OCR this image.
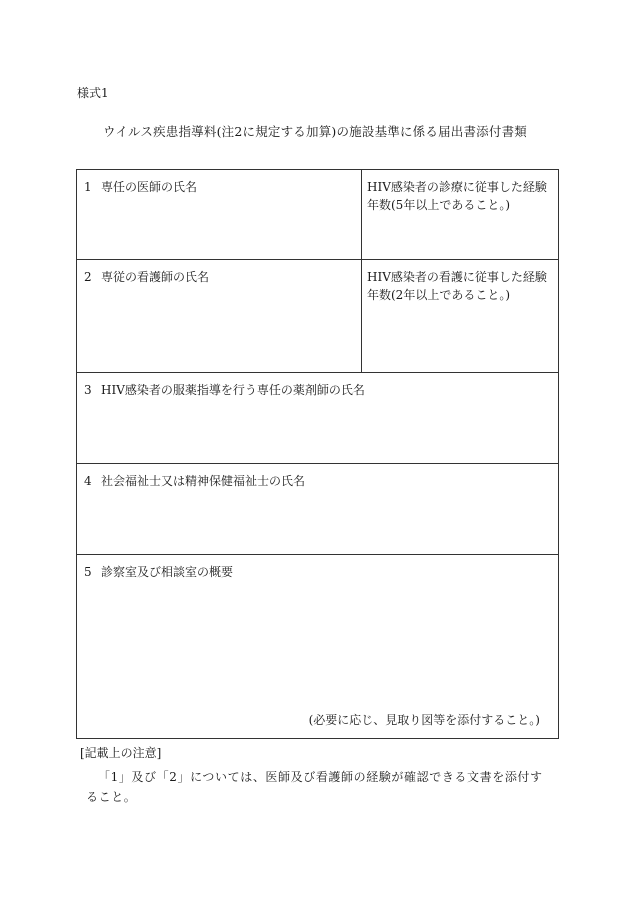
様式1
ウイルス疾患指導料(注2に規定する加算)の施設基準に係る届出書添付書類
1 専任の医師の氏名	HIV感染者の診療に従事した経験年数(5年以上であること。)
2 専従の看護師の氏名	HIV感染者の看護に従事した経験年数(2年以上であること。)
3 HIV感染者の服薬指導を行う専任の薬剤師の氏名	
4 社会福祉士又は精神保健福祉士の氏名	
5 診察室及び相談室の概要
(必要に応じ、見取り図等を添付すること。)	
[記載上の注意]
「1」及び「2」については、医師及び看護師の経験が確認できる文書を添付すること。
